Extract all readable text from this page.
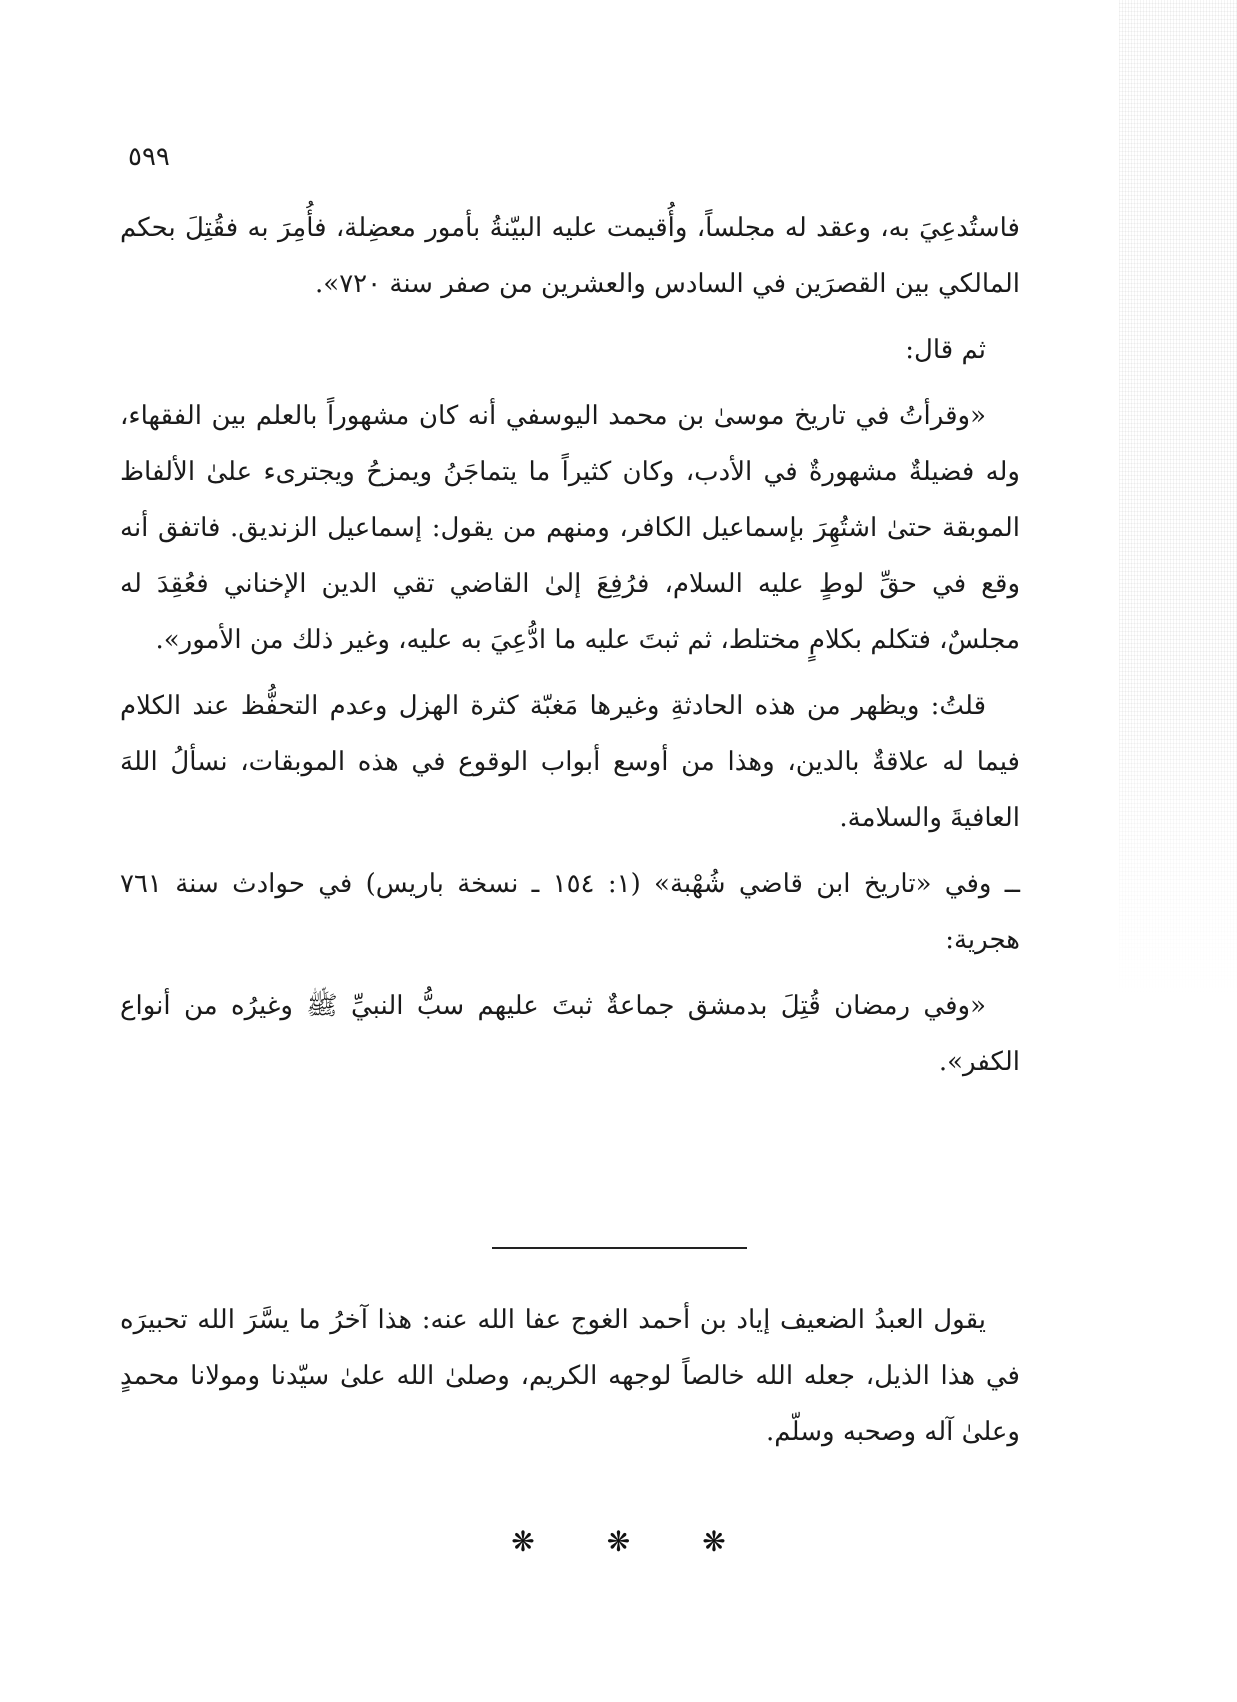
٥٩٩

فاستُدعِيَ به، وعقد له مجلساً، وأُقيمت عليه البيّنةُ بأمور معضِلة، فأُمِرَ به فقُتِلَ بحكم المالكي بين القصرَين في السادس والعشرين من صفر سنة ٧٢٠».

ثم قال:

«وقرأتُ في تاريخ موسىٰ بن محمد اليوسفي أنه كان مشهوراً بالعلم بين الفقهاء، وله فضيلةٌ مشهورةٌ في الأدب، وكان كثيراً ما يتماجَنُ ويمزحُ ويجترىء علىٰ الألفاظ الموبقة حتىٰ اشتُهِرَ بإسماعيل الكافر، ومنهم من يقول: إسماعيل الزنديق. فاتفق أنه وقع في حقِّ لوطٍ عليه السلام، فرُفِعَ إلىٰ القاضي تقي الدين الإخناني فعُقِدَ له مجلسٌ، فتكلم بكلامٍ مختلط، ثم ثبتَ عليه ما ادُّعِيَ به عليه، وغير ذلك من الأمور».

قلتُ: ويظهر من هذه الحادثةِ وغيرها مَغبّة كثرة الهزل وعدم التحفُّظ عند الكلام فيما له علاقةٌ بالدين، وهذا من أوسع أبواب الوقوع في هذه الموبقات، نسألُ اللهَ العافيةَ والسلامة.

ــ وفي «تاريخ ابن قاضي شُهْبة» (١: ١٥٤ ـ نسخة باريس) في حوادث سنة ٧٦١ هجرية:

«وفي رمضان قُتِلَ بدمشق جماعةٌ ثبتَ عليهم سبُّ النبيِّ ﷺ وغيرُه من أنواع الكفر».

يقول العبدُ الضعيف إياد بن أحمد الغوج عفا الله عنه: هذا آخرُ ما يسَّرَ الله تحبيرَه في هذا الذيل، جعله الله خالصاً لوجهه الكريم، وصلىٰ الله علىٰ سيّدنا ومولانا محمدٍ وعلىٰ آله وصحبه وسلّم.

❋	❋	❋
